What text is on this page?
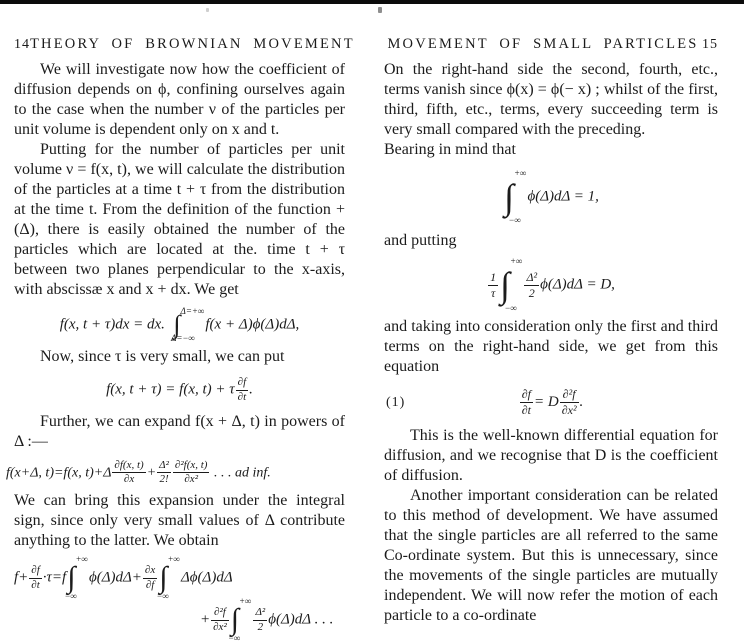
14 THEORY OF BROWNIAN MOVEMENT

We will investigate now how the coefficient of diffusion depends on ϕ, confining ourselves again to the case when the number ν of the particles per unit volume is dependent only on x and t.

Putting for the number of particles per unit volume ν = f(x, t), we will calculate the distribution of the particles at a time t + τ from the distribution at the time t. From the definition of the function +(Δ), there is easily obtained the number of the particles which are located at the. time t + τ between two planes perpendicular to the x-axis, with abscissæ x and x + dx. We get

f(x, t + τ)dx = dx. ∫ Δ=+∞
Δ=−∞
f(x + Δ)ϕ(Δ)dΔ,

Now, since τ is very small, we can put

f(x, t + τ) = f(x, t) + τ $\frac{\partial f}{\partial t}$ .

Further, we can expand f(x + Δ, t) in powers of Δ :—

f(x+Δ, t)=f(x, $t)+\Delta \frac{\partial f(x, t)}{\partial x} + \frac{\text{Δ²}}{2!} \frac{\text{∂²f(x, t)}}{\text{∂x²}}$ . . . ad inf.

We can bring this expansion under the integral sign, since only very small values of Δ contribute anything to the latter. We obtain

$f+ \frac{\partial f}{\partial t} \cdot\tau=f$ ∫
+∞
−∞
$\phi(\Delta)d\Delta+ \frac{\partial x}{\partial f}$ ∫
+∞
−∞
Δϕ(Δ)dΔ
+ $\frac{\text{∂²f}}{\text{∂x²}}$ ∫
+∞
−∞
$\frac{\text{Δ²}}{2} \phi(\Delta)d\Delta$ . . .
MOVEMENT OF SMALL PARTICLES 15

On the right-hand side the second, fourth, etc., terms vanish since ϕ(x) = ϕ(− x) ; whilst of the first, third, fifth, etc., terms, every succeeding term is very small compared with the preceding.

Bearing in mind that

∫
+∞
−∞
ϕ(Δ)dΔ = 1,

and putting

$\frac{1}{\tau}$ ∫
+∞
−∞
$\frac{\text{Δ²}}{2} \phi(\Delta)d\Delta = D$,

and taking into consideration only the first and third terms on the right-hand side, we get from this equation

(1)	$\frac{\partial f}{\partial t} = D \frac{\text{∂²f}}{\text{∂x²}}$ .

This is the well-known differential equation for diffusion, and we recognise that D is the coefficient of diffusion.

Another important consideration can be related to this method of development. We have assumed that the single particles are all referred to the same Co-ordinate system. But this is unnecessary, since the movements of the single particles are mutually independent. We will now refer the motion of each particle to a co-ordinate
